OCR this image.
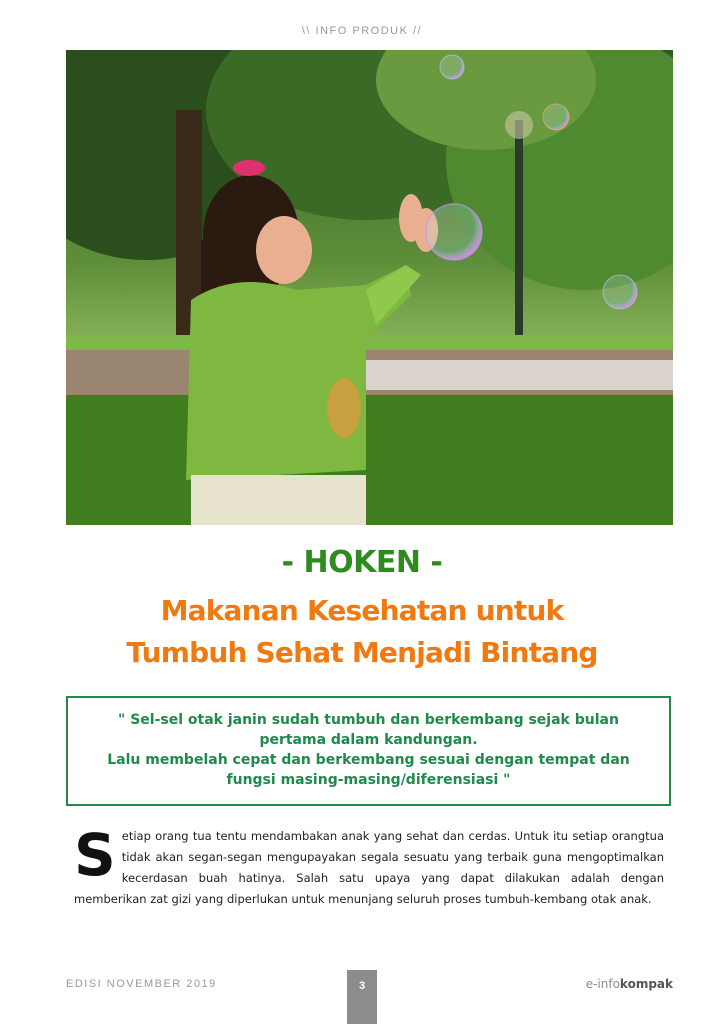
\\ INFO PRODUK //
- HOKEN -
Makanan Kesehatan untuk
Tumbuh Sehat Menjadi Bintang
" Sel-sel otak janin sudah tumbuh dan berkembang sejak bulan
pertama dalam kandungan.
Lalu membelah cepat dan berkembang sesuai dengan tempat dan
fungsi masing-masing/diferensiasi "
Setiap orang tua tentu mendambakan anak yang sehat dan cerdas. Untuk itu setiap orangtua tidak akan segan-segan mengupayakan segala sesuatu yang terbaik guna mengoptimalkan kecerdasan buah hatinya. Salah satu upaya yang dapat dilakukan adalah dengan memberikan zat gizi yang diperlukan untuk menunjang seluruh proses tumbuh-kembang otak anak.
EDISI NOVEMBER 2019	3	e-infokompak
